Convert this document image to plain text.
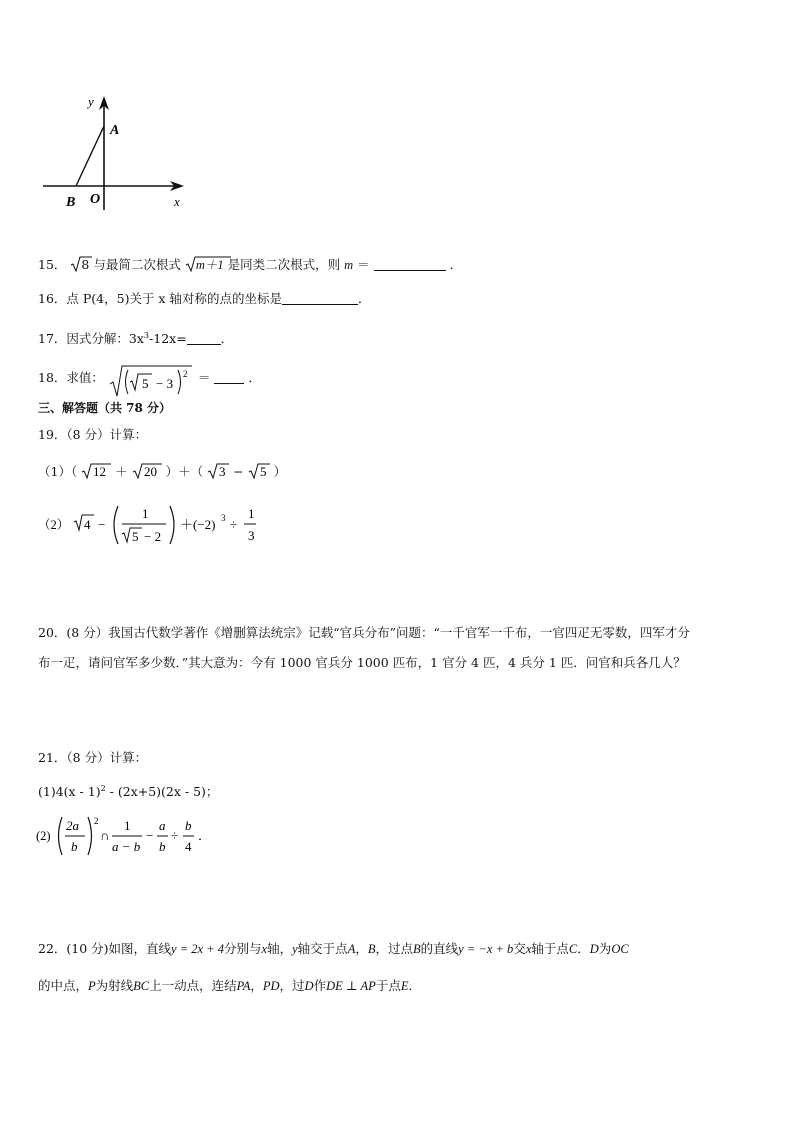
y
A
B O	x
15． 8 与最简二次根式 m＋1 是同类二次根式，则 m ＝	．
16．点 P(4，5)关于 x 轴对称的点的坐标是	．
17．因式分解：$3x^3-12x=$	．
18．求值：	5 − 3
2 ＝	．
三、解答题（共 78 分）
19．（8 分）计算：
（1）（ 12 ＋ 20 ）＋（ 3 − 5 ）
（2） 4 −
1
5 − 2
＋(−2) 3 ÷
1
3
20．(8 分）我国古代数学著作《增删算法统宗》记载“官兵分布”问题：“一千官军一千布，一官四疋无零数，四军才分
布一疋，请问官军多少数．”其大意为：今有 1000 官兵分 1000 匹布，1 官分 4 匹，4 兵分 1 匹．问官和兵各几人？
21．（8 分）计算：
(1)4(x - 1)$^2$ - (2x+5)(2x - 5)；
(2)
2a
b
2
∩
1
a − b
−
a
b
÷
b
4
．
22．(10 分)如图，直线y = 2x + 4分别与x轴，y轴交于点A，B，过点B的直线y = −x + b交x轴于点C．D为OC
的中点，P为射线BC上一动点，连结PA，PD，过D作DE ⊥ AP于点E．
